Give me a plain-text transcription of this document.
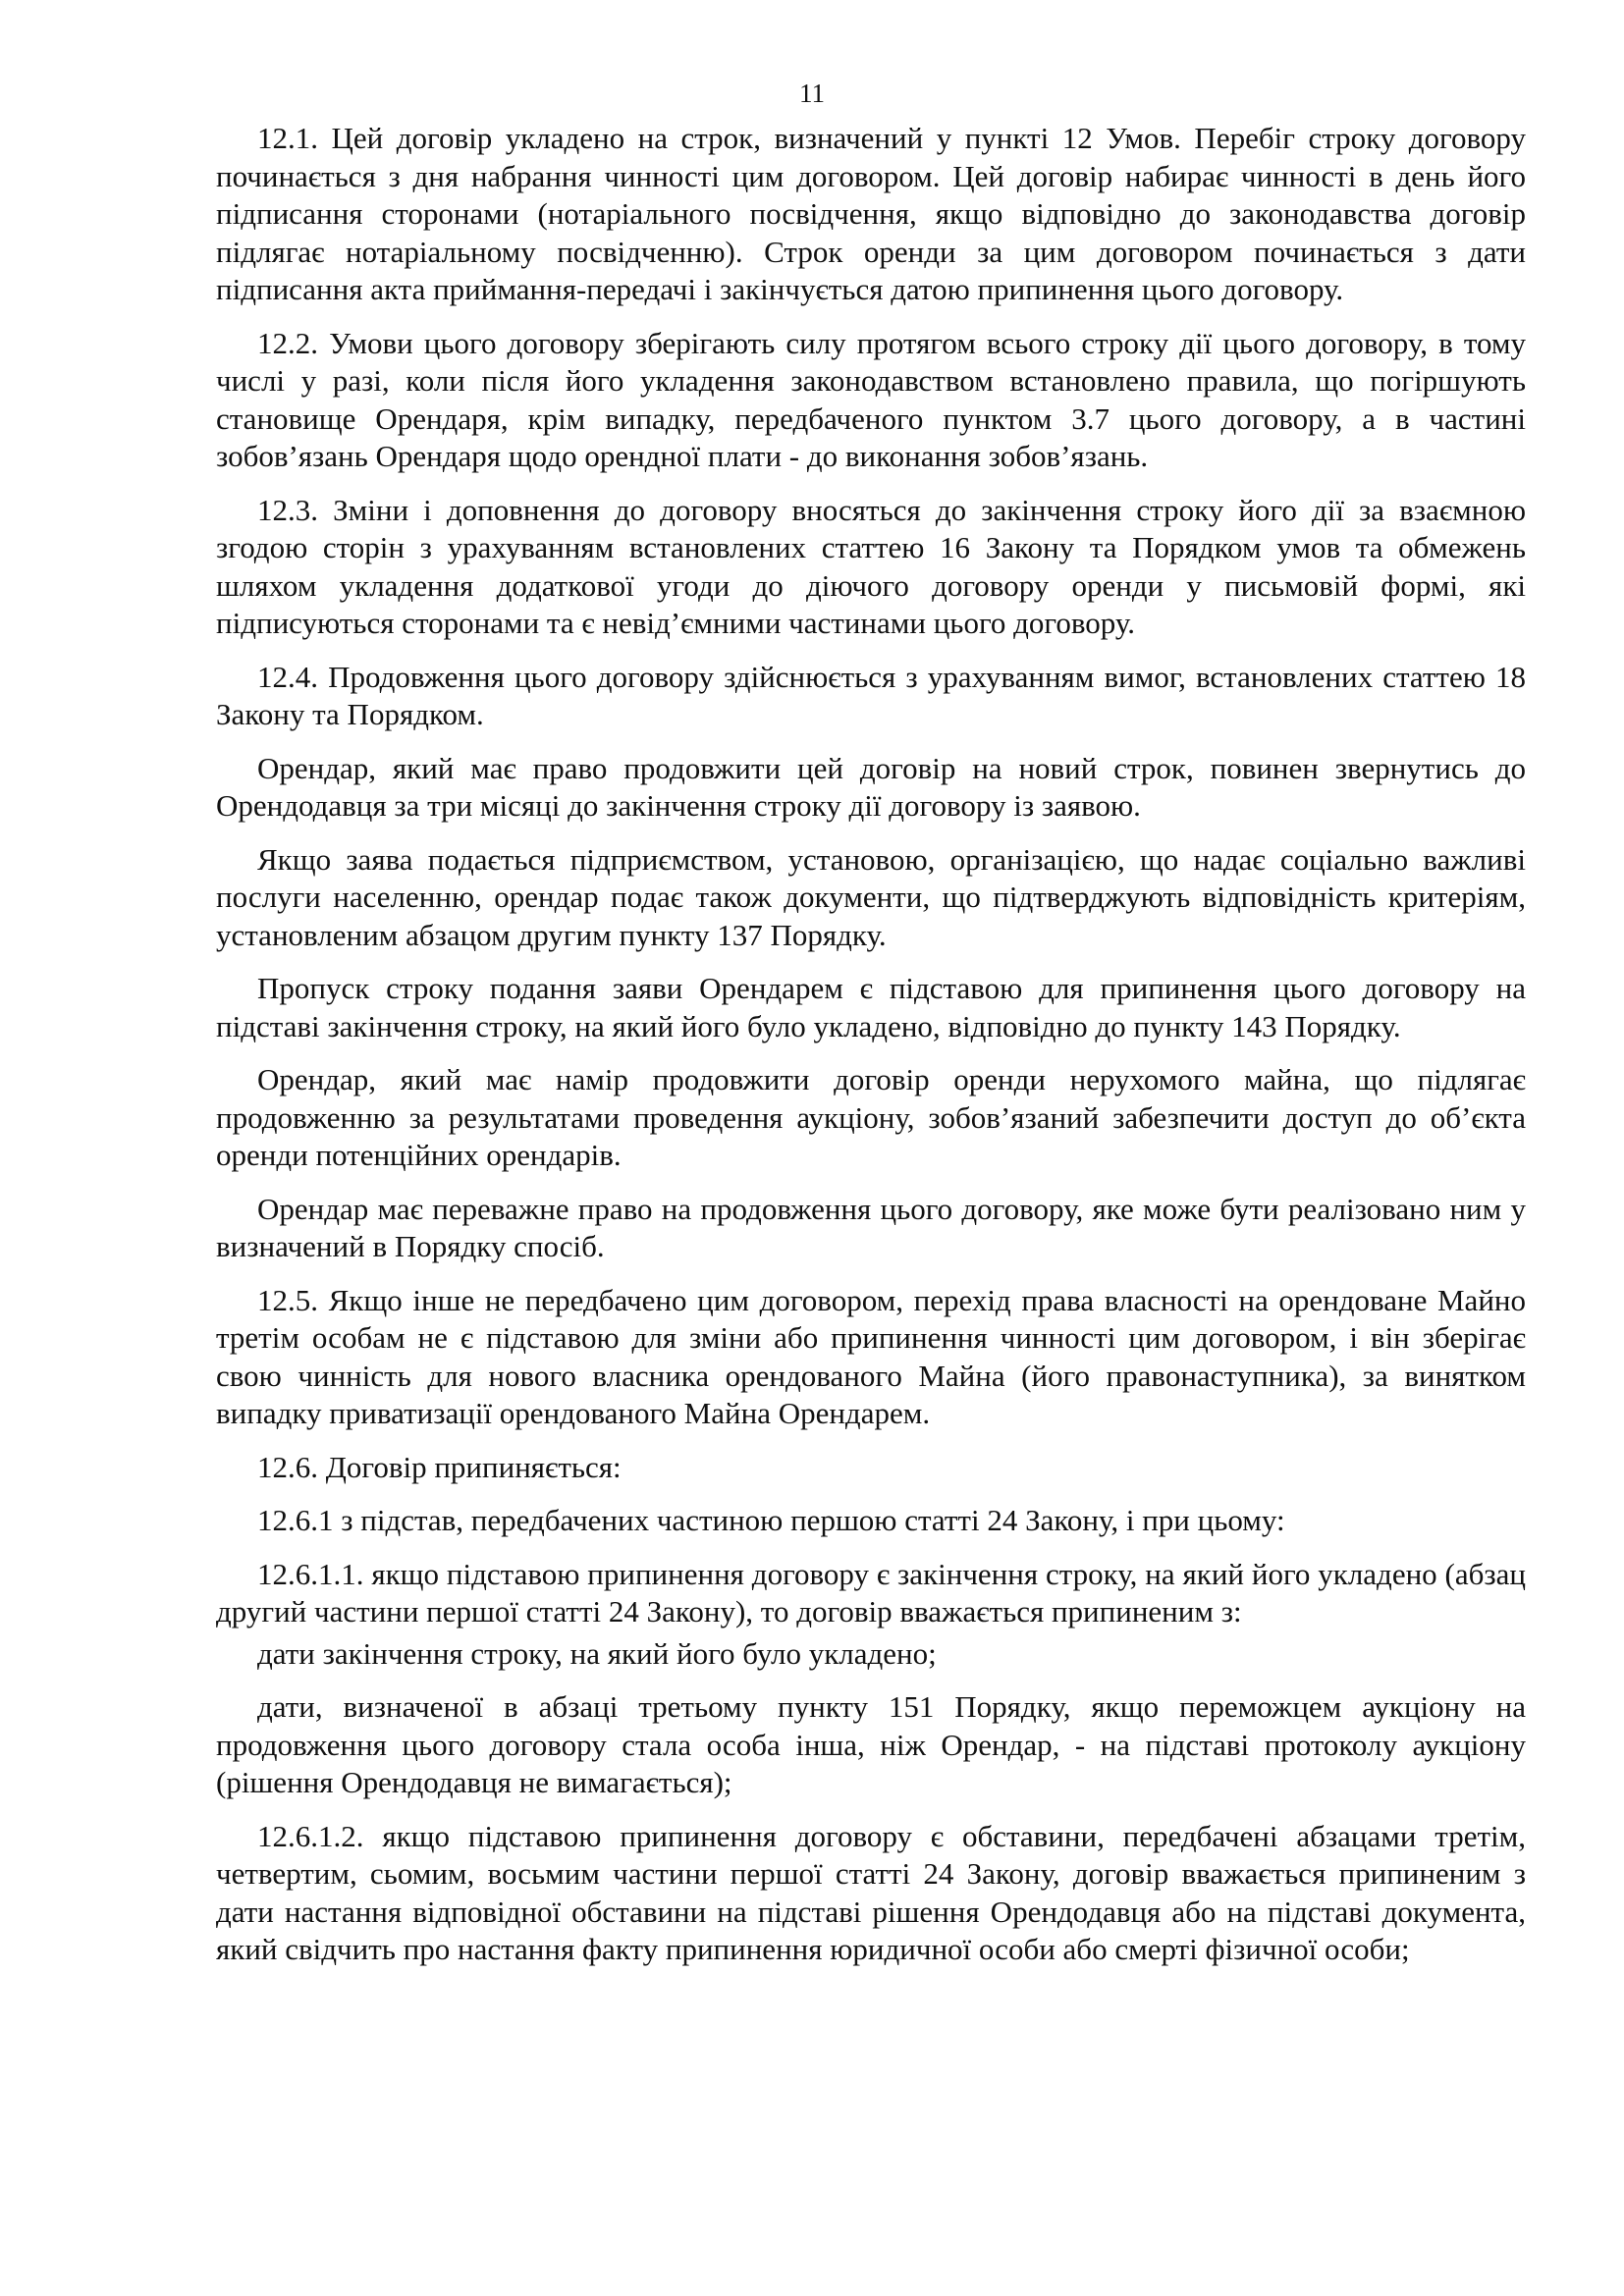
11

12.1. Цей договір укладено на строк, визначений у пункті 12 Умов. Перебіг строку договору починається з дня набрання чинності цим договором. Цей договір набирає чинності в день його підписання сторонами (нотаріального посвідчення, якщо відповідно до законодавства договір підлягає нотаріальному посвідченню). Строк оренди за цим договором починається з дати підписання акта приймання-передачі і закінчується датою припинення цього договору.

12.2. Умови цього договору зберігають силу протягом всього строку дії цього договору, в тому числі у разі, коли після його укладення законодавством встановлено правила, що погіршують становище Орендаря, крім випадку, передбаченого пунктом 3.7 цього договору, а в частині зобов’язань Орендаря щодо орендної плати - до виконання зобов’язань.

12.3. Зміни і доповнення до договору вносяться до закінчення строку його дії за взаємною згодою сторін з урахуванням встановлених статтею 16 Закону та Порядком умов та обмежень шляхом укладення додаткової угоди до діючого договору оренди у письмовій формі, які підписуються сторонами та є невід’ємними частинами цього договору.

12.4. Продовження цього договору здійснюється з урахуванням вимог, встановлених статтею 18 Закону та Порядком.

Орендар, який має право продовжити цей договір на новий строк, повинен звернутись до Орендодавця за три місяці до закінчення строку дії договору із заявою.

Якщо заява подається підприємством, установою, організацією, що надає соціально важливі послуги населенню, орендар подає також документи, що підтверджують відповідність критеріям, установленим абзацом другим пункту 137 Порядку.

Пропуск строку подання заяви Орендарем є підставою для припинення цього договору на підставі закінчення строку, на який його було укладено, відповідно до пункту 143 Порядку.

Орендар, який має намір продовжити договір оренди нерухомого майна, що підлягає продовженню за результатами проведення аукціону, зобов’язаний забезпечити доступ до об’єкта оренди потенційних орендарів.

Орендар має переважне право на продовження цього договору, яке може бути реалізовано ним у визначений в Порядку спосіб.

12.5. Якщо інше не передбачено цим договором, перехід права власності на орендоване Майно третім особам не є підставою для зміни або припинення чинності цим договором, і він зберігає свою чинність для нового власника орендованого Майна (його правонаступника), за винятком випадку приватизації орендованого Майна Орендарем.

12.6. Договір припиняється:

12.6.1 з підстав, передбачених частиною першою статті 24 Закону, і при цьому:

12.6.1.1. якщо підставою припинення договору є закінчення строку, на який його укладено (абзац другий частини першої статті 24 Закону), то договір вважається припиненим з:

дати закінчення строку, на який його було укладено;

дати, визначеної в абзаці третьому пункту 151 Порядку, якщо переможцем аукціону на продовження цього договору стала особа інша, ніж Орендар, - на підставі протоколу аукціону (рішення Орендодавця не вимагається);

12.6.1.2. якщо підставою припинення договору є обставини, передбачені абзацами третім, четвертим, сьомим, восьмим частини першої статті 24 Закону, договір вважається припиненим з дати настання відповідної обставини на підставі рішення Орендодавця або на підставі документа, який свідчить про настання факту припинення юридичної особи або смерті фізичної особи;
